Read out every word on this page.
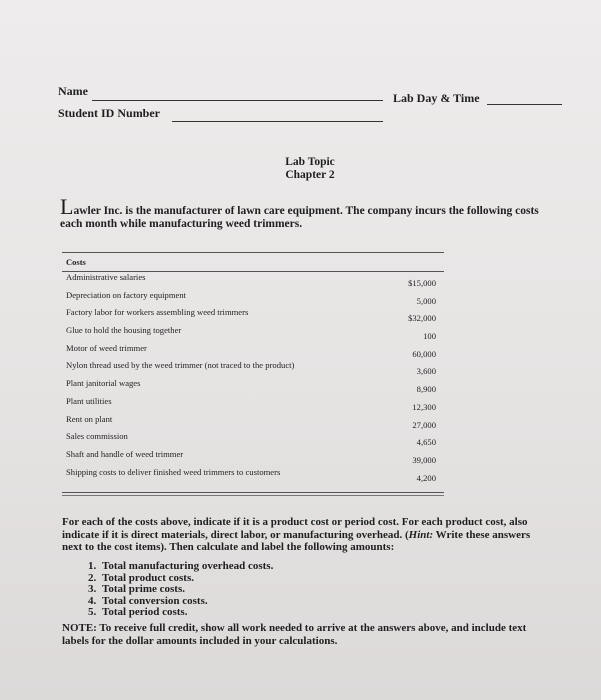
Name	Lab Day & Time
Student ID Number
Lab Topic
Chapter 2
Lawler Inc. is the manufacturer of lawn care equipment. The company incurs the following costs each month while manufacturing weed trimmers.
Costs
Administrative salaries
$15,000
Depreciation on factory equipment
5,000
Factory labor for workers assembling weed trimmers
$32,000
Glue to hold the housing together
100
Motor of weed trimmer
60,000
Nylon thread used by the weed trimmer (not traced to the product)
3,600
Plant janitorial wages
8,900
Plant utilities
12,300
Rent on plant
27,000
Sales commission
4,650
Shaft and handle of weed trimmer
39,000
Shipping costs to deliver finished weed trimmers to customers
4,200
For each of the costs above, indicate if it is a product cost or period cost. For each product cost, also indicate if it is direct materials, direct labor, or manufacturing overhead. (Hint: Write these answers next to the cost items). Then calculate and label the following amounts:
1. Total manufacturing overhead costs.
2. Total product costs.
3. Total prime costs.
4. Total conversion costs.
5. Total period costs.
NOTE: To receive full credit, show all work needed to arrive at the answers above, and include text labels for the dollar amounts included in your calculations.
